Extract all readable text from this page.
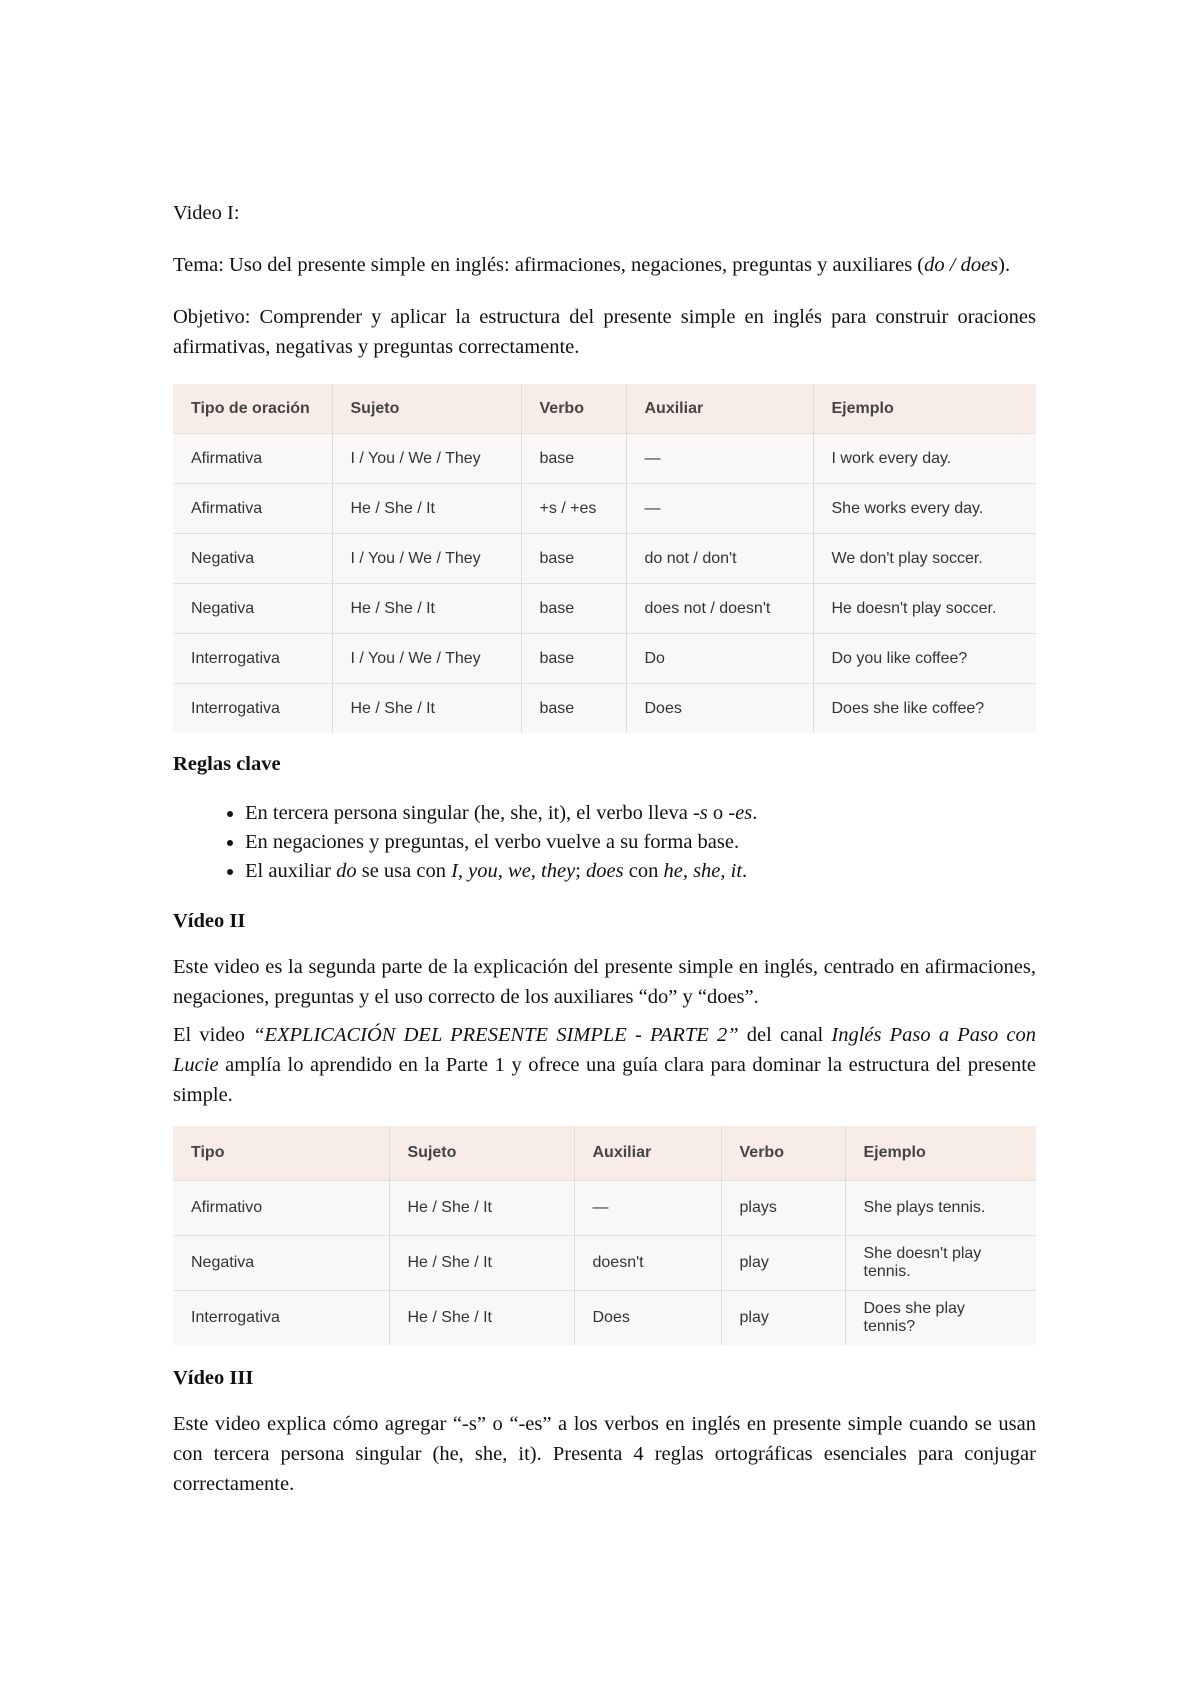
Video I:

Tema: Uso del presente simple en inglés: afirmaciones, negaciones, preguntas y auxiliares (do / does).

Objetivo: Comprender y aplicar la estructura del presente simple en inglés para construir oraciones afirmativas, negativas y preguntas correctamente.

Tipo de oración	Sujeto	Verbo	Auxiliar	Ejemplo
Afirmativa	I / You / We / They	base	—	I work every day.
Afirmativa	He / She / It	+s / +es	—	She works every day.
Negativa	I / You / We / They	base	do not / don't	We don't play soccer.
Negativa	He / She / It	base	does not / doesn't	He doesn't play soccer.
Interrogativa	I / You / We / They	base	Do	Do you like coffee?
Interrogativa	He / She / It	base	Does	Does she like coffee?

Reglas clave

• En tercera persona singular (he, she, it), el verbo lleva -s o -es.
• En negaciones y preguntas, el verbo vuelve a su forma base.
• El auxiliar do se usa con I, you, we, they; does con he, she, it.

Vídeo II

Este video es la segunda parte de la explicación del presente simple en inglés, centrado en afirmaciones, negaciones, preguntas y el uso correcto de los auxiliares “do” y “does”.

El video “EXPLICACIÓN DEL PRESENTE SIMPLE - PARTE 2” del canal Inglés Paso a Paso con Lucie amplía lo aprendido en la Parte 1 y ofrece una guía clara para dominar la estructura del presente simple.

Tipo	Sujeto	Auxiliar	Verbo	Ejemplo
Afirmativo	He / She / It	—	plays	She plays tennis.
Negativa	He / She / It	doesn't	play	She doesn't play tennis.
Interrogativa	He / She / It	Does	play	Does she play tennis?

Vídeo III

Este video explica cómo agregar “-s” o “-es” a los verbos en inglés en presente simple cuando se usan con tercera persona singular (he, she, it). Presenta 4 reglas ortográficas esenciales para conjugar correctamente.
